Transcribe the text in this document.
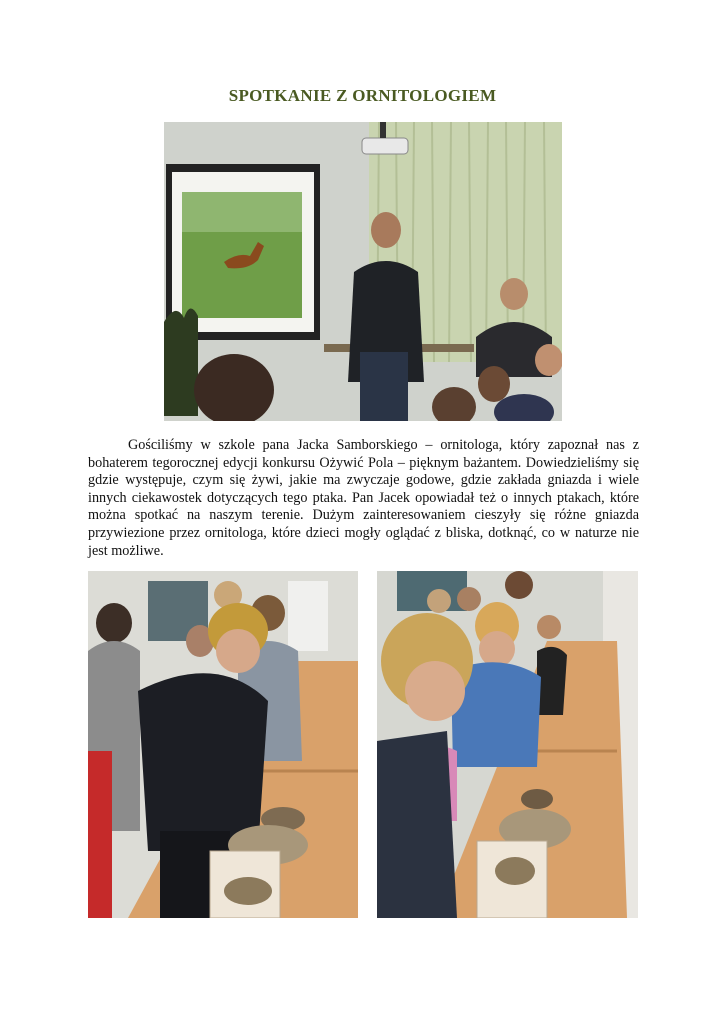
SPOTKANIE Z ORNITOLOGIEM

Gościliśmy w szkole pana Jacka Samborskiego – ornitologa, który zapoznał nas z bohaterem tegorocznej edycji konkursu Ożywić Pola – pięknym bażantem. Dowiedzieliśmy się gdzie występuje, czym się żywi, jakie ma zwyczaje godowe, gdzie zakłada gniazda i wiele innych ciekawostek dotyczących tego ptaka. Pan Jacek opowiadał też o innych ptakach, które można spotkać na naszym terenie. Dużym zainteresowaniem cieszyły się różne gniazda przywiezione przez ornitologa, które dzieci mogły oglądać z bliska, dotknąć, co w naturze nie jest możliwe.
